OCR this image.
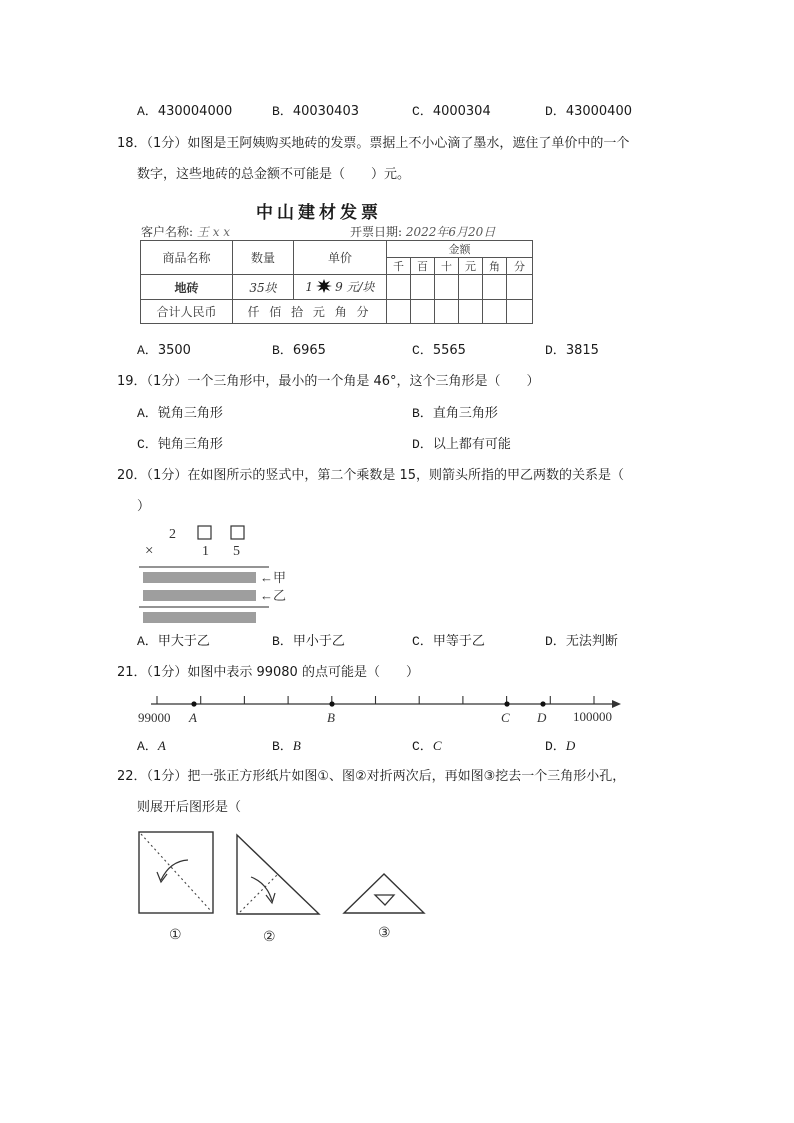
A．430004000	B．40030403	C．4000304	D．43000400
18．（1分）如图是王阿姨购买地砖的发票。票据上不小心滴了墨水，遮住了单价中的一个
数字，这些地砖的总金额不可能是（　　）元。
中山建材发票
客户名称: 王 x x	开票日期: 2022年6月20日
商品名称	数量	单价	金额					
			千	百	十	元	角	分
地砖	35块	1 9 元/块						
合计人民币	仟 佰 拾 元 角 分							
A．3500	B．6965	C．5565	D．3815
19．（1分）一个三角形中，最小的一个角是 46°，这个三角形是（　　）
A．锐角三角形	B．直角三角形
C．钝角三角形	D．以上都有可能
20．（1分）在如图所示的竖式中，第二个乘数是 15，则箭头所指的甲乙两数的关系是（
）
2
×	1 5
←甲
←乙
A．甲大于乙	B．甲小于乙	C．甲等于乙	D．无法判断
21．（1分）如图中表示 99080 的点可能是（　　）
99000 A	B	C D 100000
A．A	B．B	C．C	D．D
22．（1分）把一张正方形纸片如图①、图②对折两次后，再如图③挖去一个三角形小孔，
则展开后图形是（
①	②	③
